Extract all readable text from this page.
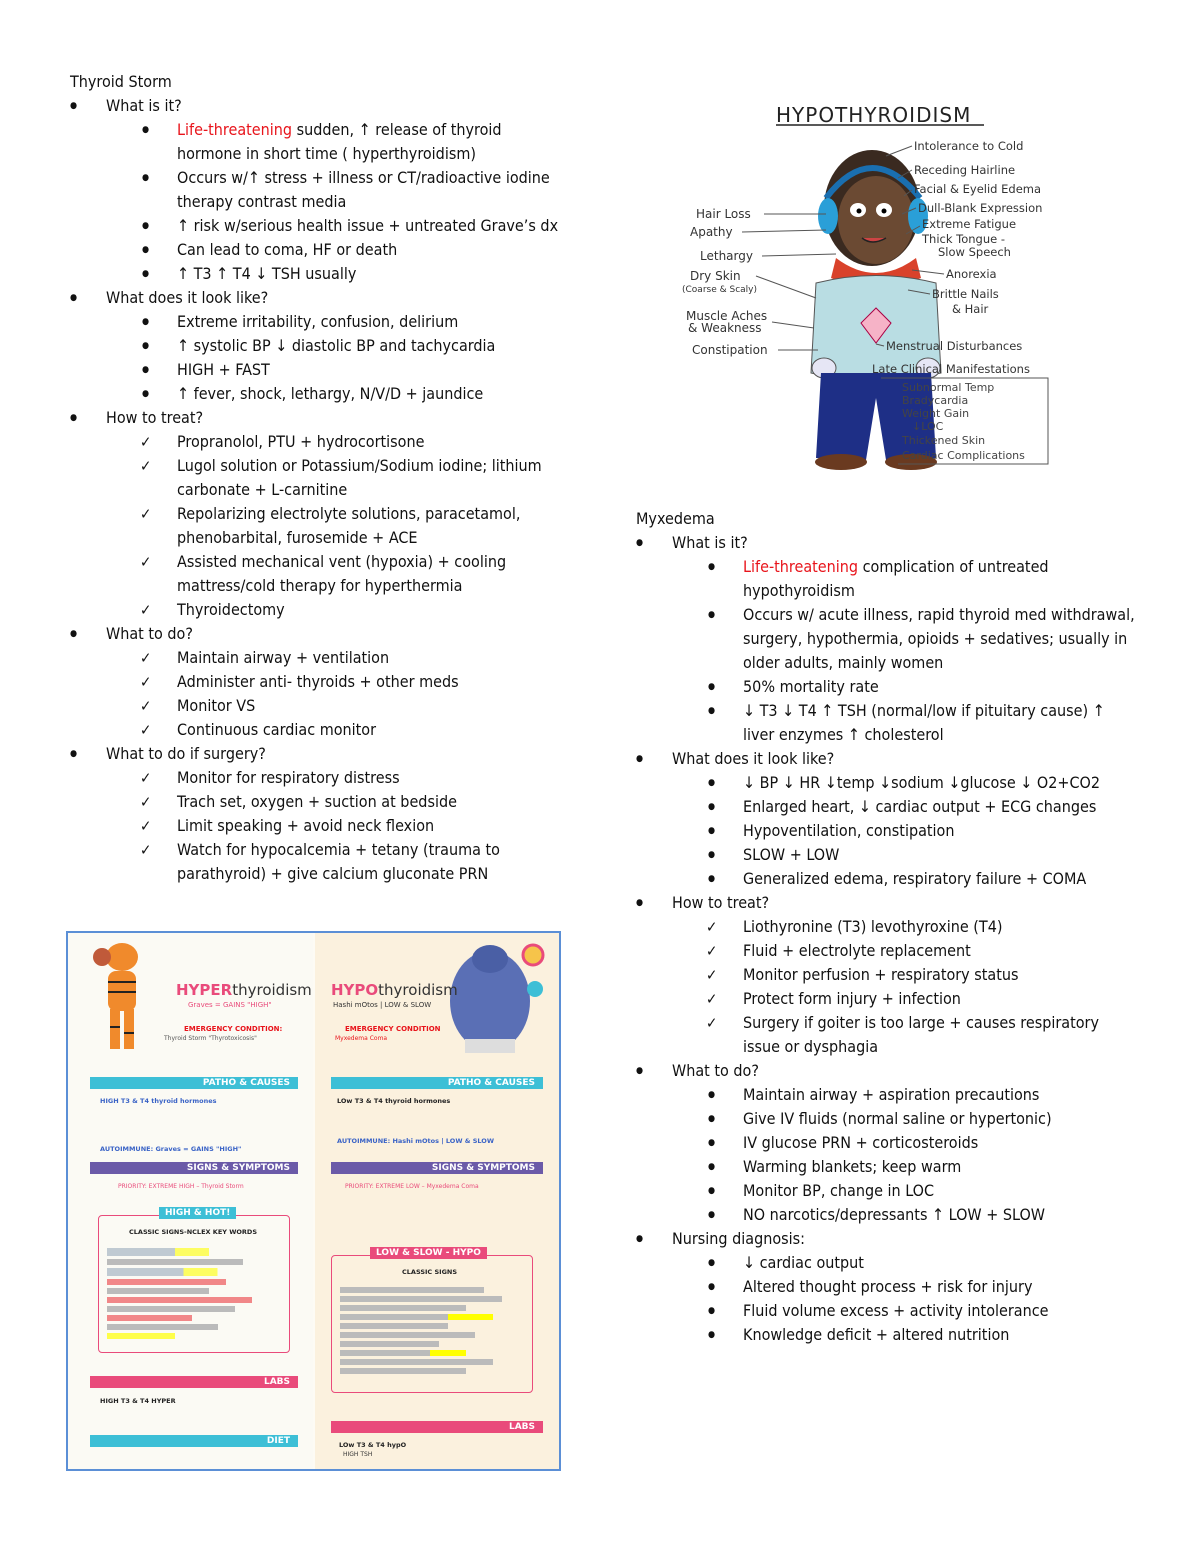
Thyroid Storm
● What is it?
● Life-threatening sudden, ↑ release of thyroid hormone in short time ( hyperthyroidism)
● Occurs w/↑ stress + illness or CT/radioactive iodine therapy contrast media
● ↑ risk w/serious health issue + untreated Grave’s dx
● Can lead to coma, HF or death
● ↑ T3 ↑ T4 ↓ TSH usually
● What does it look like?
● Extreme irritability, confusion, delirium
● ↑ systolic BP ↓ diastolic BP and tachycardia
● HIGH + FAST
● ↑ fever, shock, lethargy, N/V/D + jaundice
● How to treat?
✓ Propranolol, PTU + hydrocortisone
✓ Lugol solution or Potassium/Sodium iodine; lithium carbonate + L-carnitine
✓ Repolarizing electrolyte solutions, paracetamol, phenobarbital, furosemide + ACE
✓ Assisted mechanical vent (hypoxia) + cooling mattress/cold therapy for hyperthermia
✓ Thyroidectomy
● What to do?
✓ Maintain airway + ventilation
✓ Administer anti- thyroids + other meds
✓ Monitor VS
✓ Continuous cardiac monitor
● What to do if surgery?
✓ Monitor for respiratory distress
✓ Trach set, oxygen + suction at bedside
✓ Limit speaking + avoid neck flexion
✓ Watch for hypocalcemia + tetany (trauma to parathyroid) + give calcium gluconate PRN
HYPOTHYROIDISM
Intolerance to Cold
Receding Hairline
Facial & Eyelid Edema
Dull-Blank Expression
Extreme Fatigue
Thick Tongue -
Slow Speech
Anorexia
Brittle Nails
& Hair
Menstrual Disturbances
Late Clinical Manifestations
Subnormal Temp
Bradycardia
Weight Gain
↓LOC
Thickened Skin
Cardiac Complications
Hair Loss
Apathy
Lethargy
Dry Skin
(Coarse & Scaly)
Muscle Aches
& Weakness
Constipation
Myxedema
● What is it?
● Life-threatening complication of untreated hypothyroidism
● Occurs w/ acute illness, rapid thyroid med withdrawal, surgery, hypothermia, opioids + sedatives; usually in older adults, mainly women
● 50% mortality rate
● ↓ T3 ↓ T4 ↑ TSH (normal/low if pituitary cause) ↑ liver enzymes ↑ cholesterol
● What does it look like?
● ↓ BP ↓ HR ↓temp ↓sodium ↓glucose ↓ O2+CO2
● Enlarged heart, ↓ cardiac output + ECG changes
● Hypoventilation, constipation
● SLOW + LOW
● Generalized edema, respiratory failure + COMA
● How to treat?
✓ Liothyronine (T3) levothyroxine (T4)
✓ Fluid + electrolyte replacement
✓ Monitor perfusion + respiratory status
✓ Protect form injury + infection
✓ Surgery if goiter is too large + causes respiratory issue or dysphagia
● What to do?
● Maintain airway + aspiration precautions
● Give IV fluids (normal saline or hypertonic)
● IV glucose PRN + corticosteroids
● Warming blankets; keep warm
● Monitor BP, change in LOC
● NO narcotics/depressants ↑ LOW + SLOW
● Nursing diagnosis:
● ↓ cardiac output
● Altered thought process + risk for injury
● Fluid volume excess + activity intolerance
● Knowledge deficit + altered nutrition
HYPERthyroidism
Graves = GAINS "HIGH"
EMERGENCY CONDITION:
Thyroid Storm "Thyrotoxicosis"
PATHO & CAUSES
HIGH T3 & T4 thyroid hormones
AUTOIMMUNE: Graves = GAINS "HIGH"
SIGNS & SYMPTOMS
PRIORITY: EXTREME HIGH – Thyroid Storm
HIGH & HOT!
CLASSIC SIGNS-NCLEX KEY WORDS
LABS
HIGH T3 & T4 HYPER
DIET
HYPOthyroidism
Hashi mOtos | LOW & SLOW
EMERGENCY CONDITION
Myxedema Coma
PATHO & CAUSES
LOw T3 & T4 thyroid hormones
AUTOIMMUNE: Hashi mOtos | LOW & SLOW
SIGNS & SYMPTOMS
PRIORITY: EXTREME LOW – Myxedema Coma
LOW & SLOW - HYPO
CLASSIC SIGNS
LABS
LOw T3 & T4 hypO
HIGH TSH
